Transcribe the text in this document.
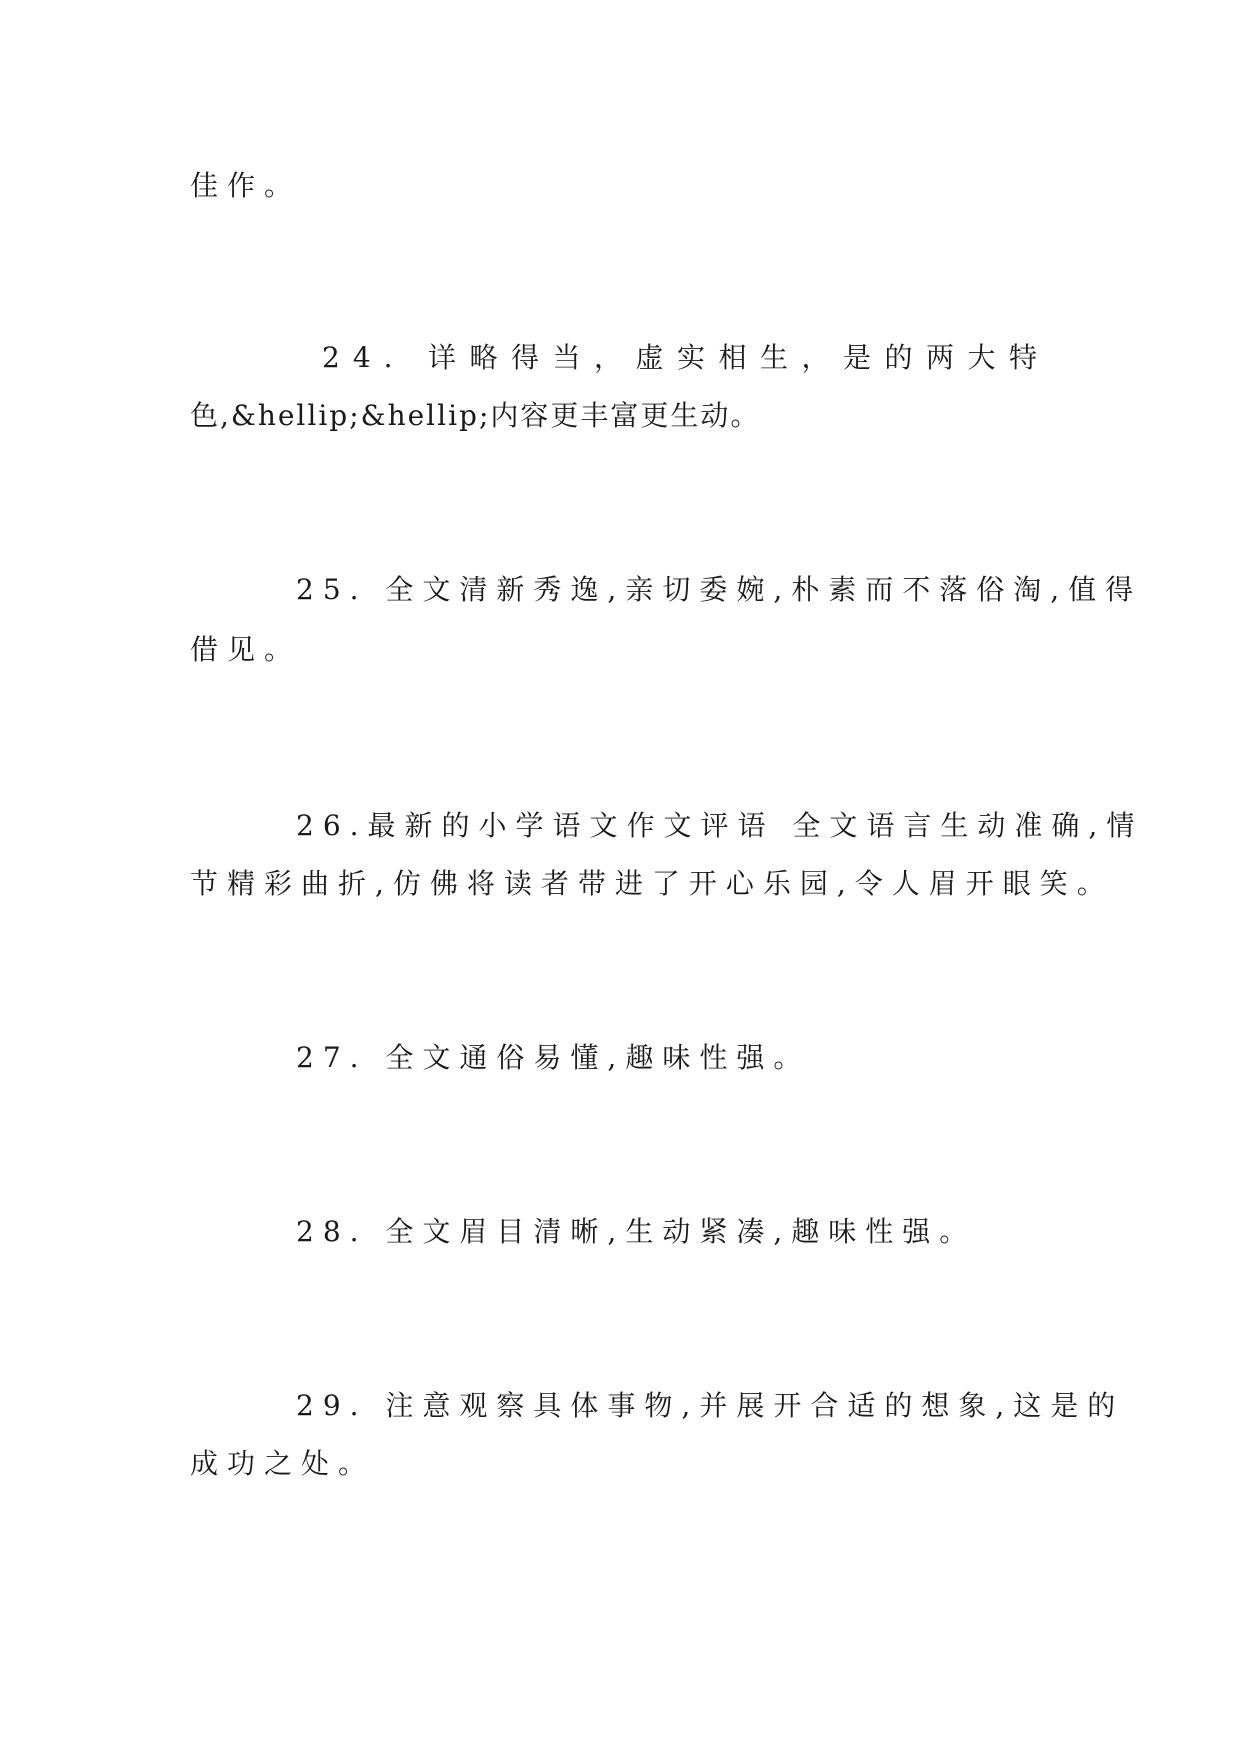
佳作。
24. 详略得当，虚实相生，是的两大特
色,&hellip;&hellip;内容更丰富更生动。
25. 全文清新秀逸,亲切委婉,朴素而不落俗淘,值得
借见。
26.最新的小学语文作文评语 全文语言生动准确,情
节精彩曲折,仿佛将读者带进了开心乐园,令人眉开眼笑。
27. 全文通俗易懂,趣味性强。
28. 全文眉目清晰,生动紧凑,趣味性强。
29. 注意观察具体事物,并展开合适的想象,这是的
成功之处。
